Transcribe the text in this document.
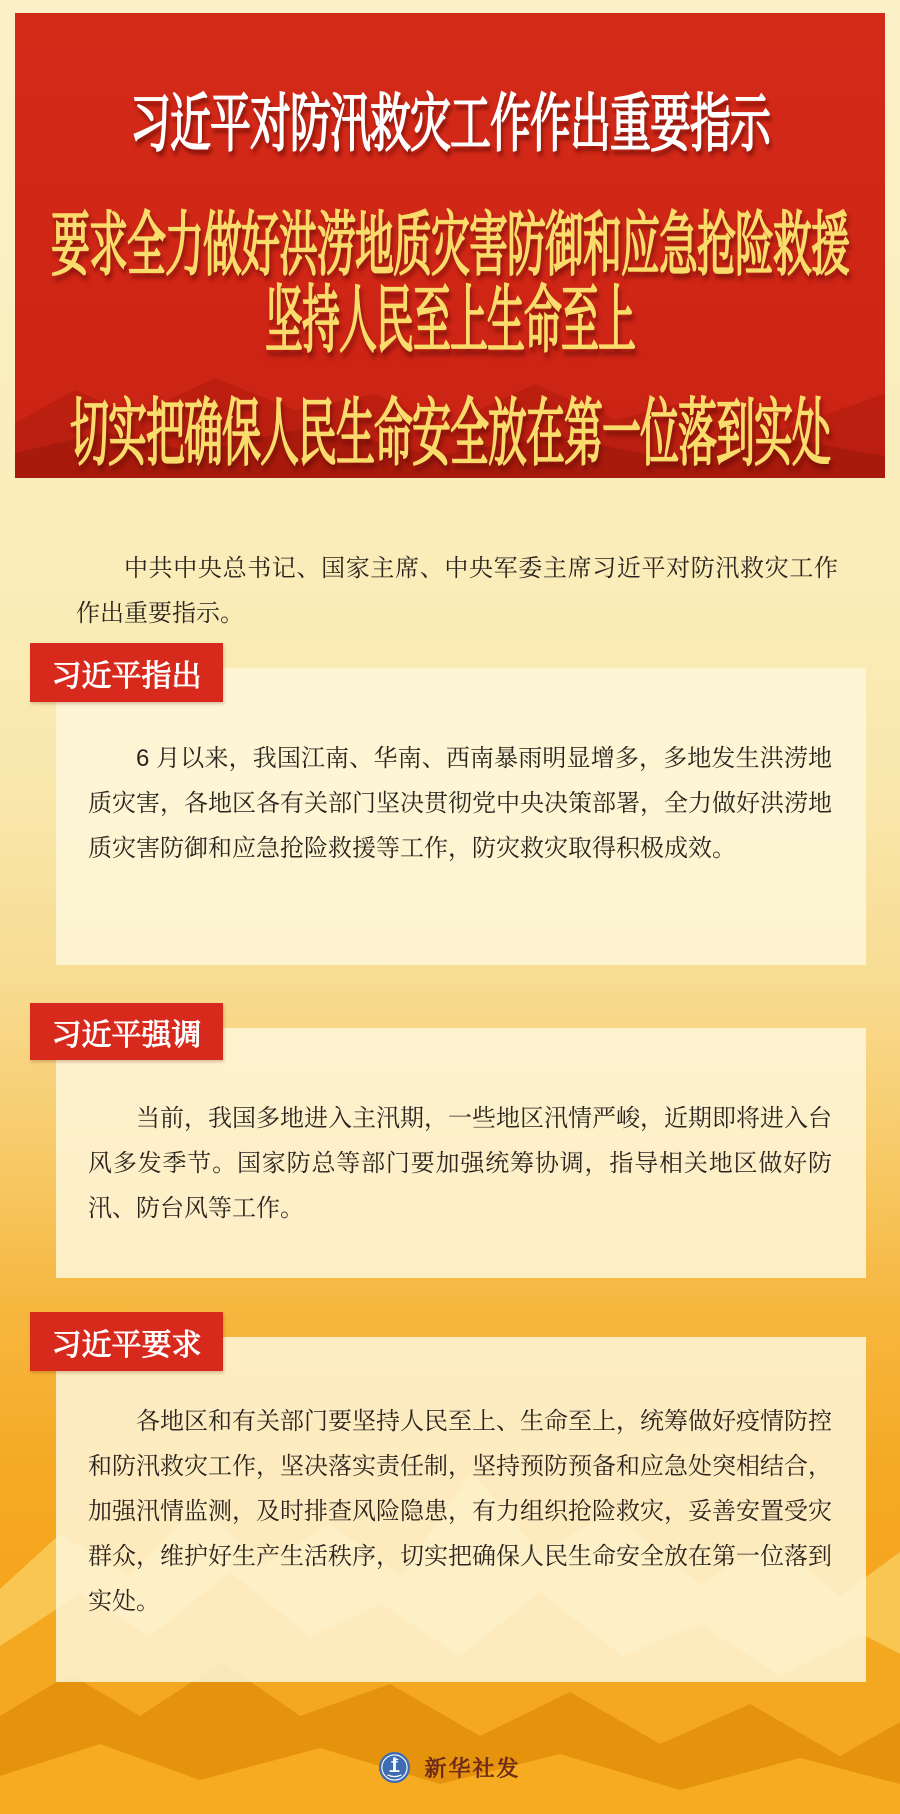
习近平对防汛救灾工作作出重要指示
要求全力做好洪涝地质灾害防御和应急抢险救援
坚持人民至上生命至上
切实把确保人民生命安全放在第一位落到实处

中共中央总书记、国家主席、中央军委主席习近平对防汛救灾工作作出重要指示。

习近平指出

6 月以来，我国江南、华南、西南暴雨明显增多，多地发生洪涝地质灾害，各地区各有关部门坚决贯彻党中央决策部署，全力做好洪涝地质灾害防御和应急抢险救援等工作，防灾救灾取得积极成效。

习近平强调

当前，我国多地进入主汛期，一些地区汛情严峻，近期即将进入台风多发季节。国家防总等部门要加强统筹协调，指导相关地区做好防汛、防台风等工作。

习近平要求

各地区和有关部门要坚持人民至上、生命至上，统筹做好疫情防控和防汛救灾工作，坚决落实责任制，坚持预防预备和应急处突相结合，加强汛情监测，及时排查风险隐患，有力组织抢险救灾，妥善安置受灾群众，维护好生产生活秩序，切实把确保人民生命安全放在第一位落到实处。

新华社发
